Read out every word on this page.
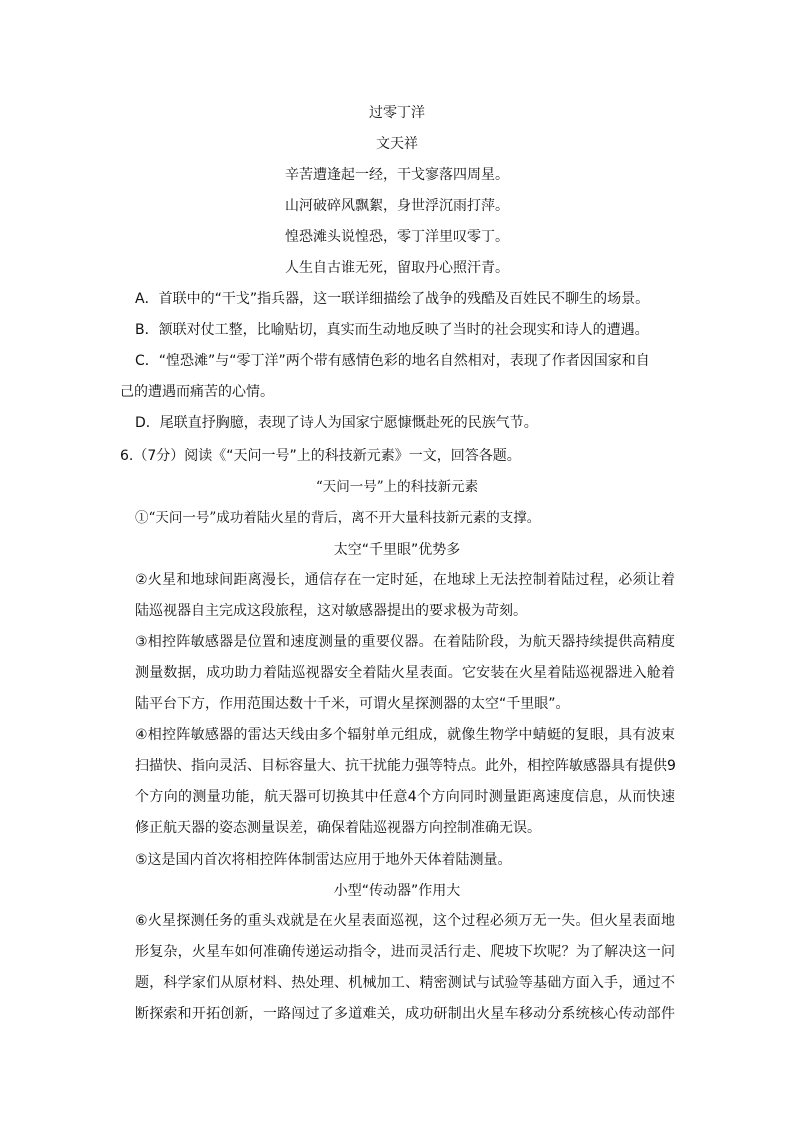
过零丁洋
文天祥
辛苦遭逢起一经，干戈寥落四周星。
山河破碎风飘絮，身世浮沉雨打萍。
惶恐滩头说惶恐，零丁洋里叹零丁。
人生自古谁无死，留取丹心照汗青。
A．首联中的“干戈”指兵器，这一联详细描绘了战争的残酷及百姓民不聊生的场景。
B．颔联对仗工整，比喻贴切，真实而生动地反映了当时的社会现实和诗人的遭遇。
C．“惶恐滩”与“零丁洋”两个带有感情色彩的地名自然相对，表现了作者因国家和自
己的遭遇而痛苦的心情。
D．尾联直抒胸臆，表现了诗人为国家宁愿慷慨赴死的民族气节。
6.（7分）阅读《“天问一号”上的科技新元素》一文，回答各题。
“天问一号”上的科技新元素
①“天问一号”成功着陆火星的背后，离不开大量科技新元素的支撑。
太空“千里眼”优势多
②火星和地球间距离漫长，通信存在一定时延，在地球上无法控制着陆过程，必须让着
陆巡视器自主完成这段旅程，这对敏感器提出的要求极为苛刻。
③相控阵敏感器是位置和速度测量的重要仪器。在着陆阶段，为航天器持续提供高精度
测量数据，成功助力着陆巡视器安全着陆火星表面。它安装在火星着陆巡视器进入舱着
陆平台下方，作用范围达数十千米，可谓火星探测器的太空“千里眼”。
④相控阵敏感器的雷达天线由多个辐射单元组成，就像生物学中蜻蜓的复眼，具有波束
扫描快、指向灵活、目标容量大、抗干扰能力强等特点。此外，相控阵敏感器具有提供9
个方向的测量功能，航天器可切换其中任意4个方向同时测量距离速度信息，从而快速
修正航天器的姿态测量误差，确保着陆巡视器方向控制准确无误。
⑤这是国内首次将相控阵体制雷达应用于地外天体着陆测量。
小型“传动器”作用大
⑥火星探测任务的重头戏就是在火星表面巡视，这个过程必须万无一失。但火星表面地
形复杂，火星车如何准确传递运动指令，进而灵活行走、爬坡下坎呢？为了解决这一问
题，科学家们从原材料、热处理、机械加工、精密测试与试验等基础方面入手，通过不
断探索和开拓创新，一路闯过了多道难关，成功研制出火星车移动分系统核心传动部件
